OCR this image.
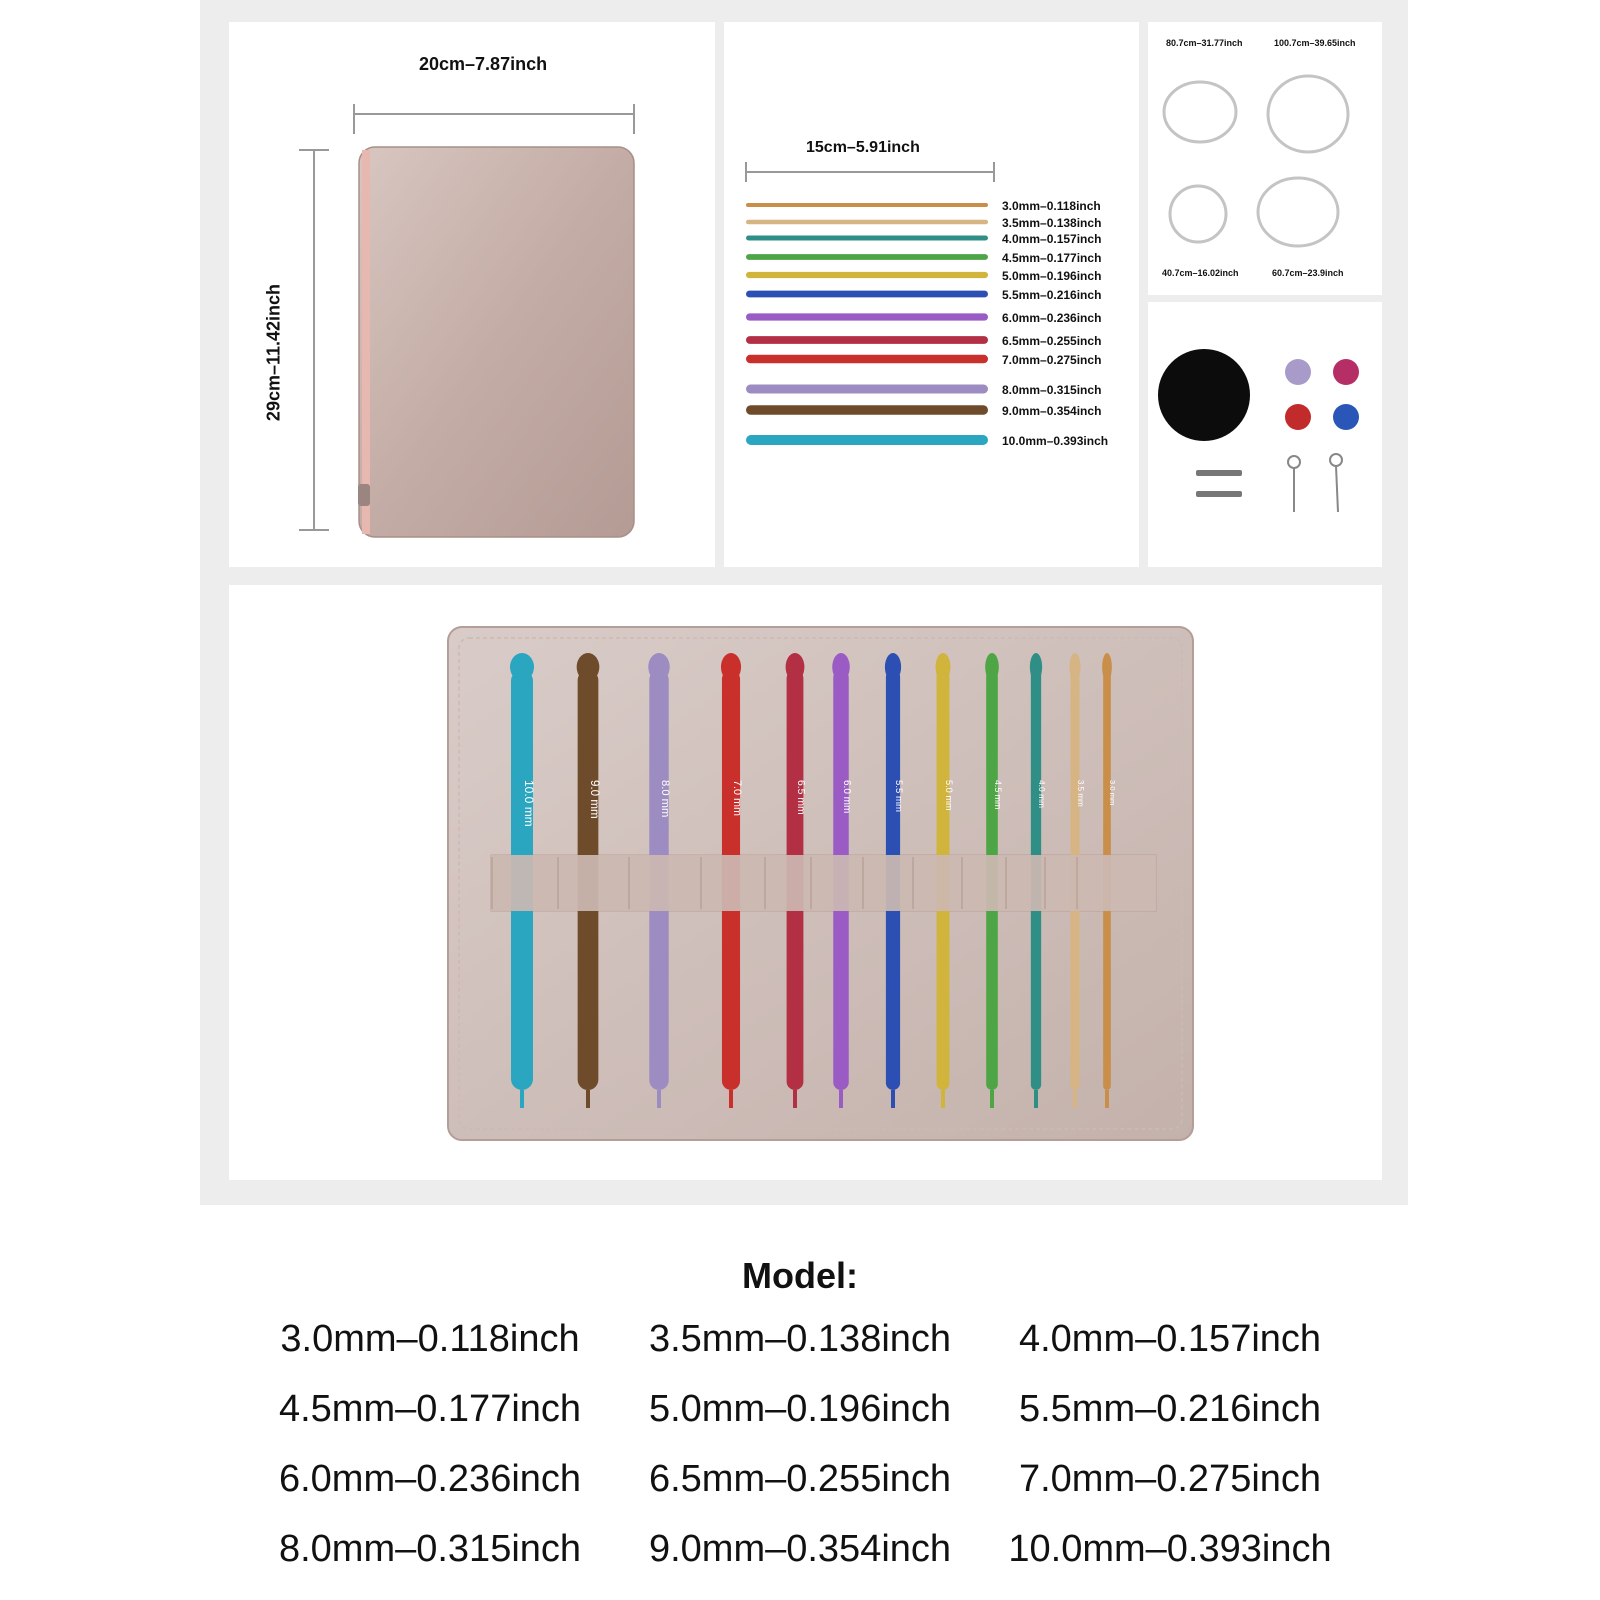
20cm–7.87inch
29cm–11.42inch
15cm–5.91inch
3.0mm–0.118inch
3.5mm–0.138inch
4.0mm–0.157inch
4.5mm–0.177inch
5.0mm–0.196inch
5.5mm–0.216inch
6.0mm–0.236inch
6.5mm–0.255inch
7.0mm–0.275inch
8.0mm–0.315inch
9.0mm–0.354inch
10.0mm–0.393inch
80.7cm–31.77inch	100.7cm–39.65inch
40.7cm–16.02inch	60.7cm–23.9inch
10.0 mm	9.0 mm	8.0 mm	7.0 mm	6.5 mm	6.0 mm	5.5 mm	5.0 mm	4.5 mm	4.0 mm	3.5 mm	3.0 mm
Model:
3.0mm–0.118inch 3.5mm–0.138inch 4.0mm–0.157inch
4.5mm–0.177inch 5.0mm–0.196inch 5.5mm–0.216inch
6.0mm–0.236inch 6.5mm–0.255inch 7.0mm–0.275inch
8.0mm–0.315inch 9.0mm–0.354inch 10.0mm–0.393inch
